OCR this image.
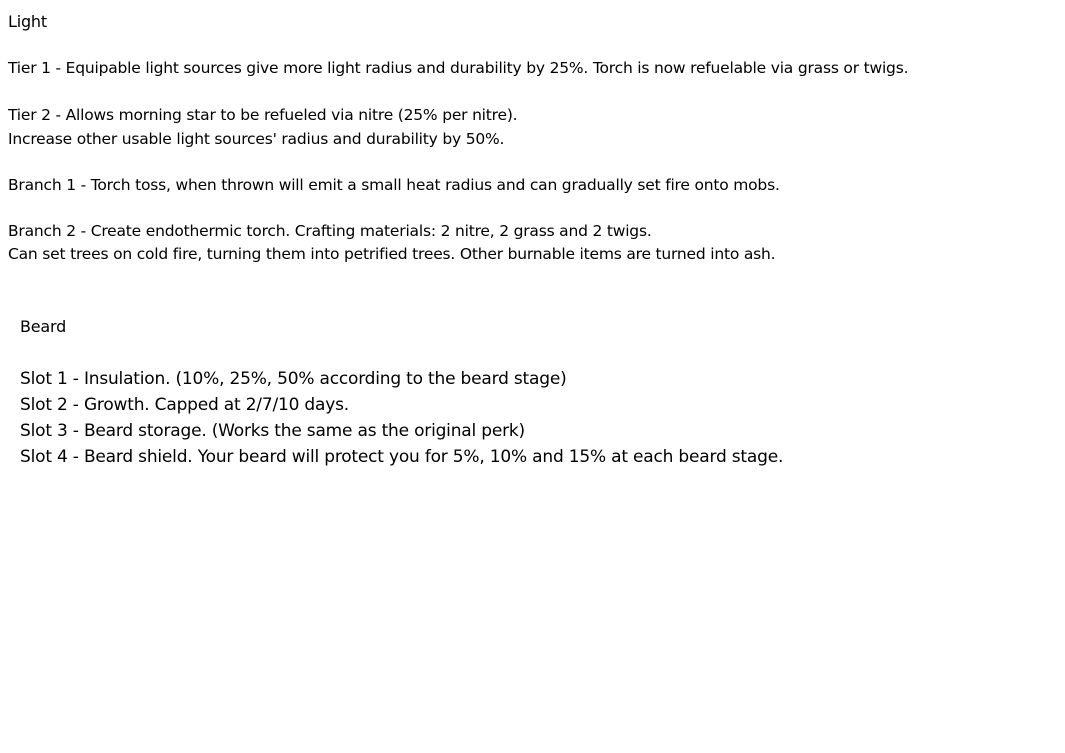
Light
Tier 1 - Equipable light sources give more light radius and durability by 25%. Torch is now refuelable via grass or twigs.
Tier 2 - Allows morning star to be refueled via nitre (25% per nitre).
Increase other usable light sources' radius and durability by 50%.
Branch 1 - Torch toss, when thrown will emit a small heat radius and can gradually set fire onto mobs.
Branch 2 - Create endothermic torch. Crafting materials: 2 nitre, 2 grass and 2 twigs.
Can set trees on cold fire, turning them into petrified trees. Other burnable items are turned into ash.
Beard
Slot 1 - Insulation. (10%, 25%, 50% according to the beard stage)
Slot 2 - Growth. Capped at 2/7/10 days.
Slot 3 - Beard storage. (Works the same as the original perk)
Slot 4 - Beard shield. Your beard will protect you for 5%, 10% and 15% at each beard stage.
